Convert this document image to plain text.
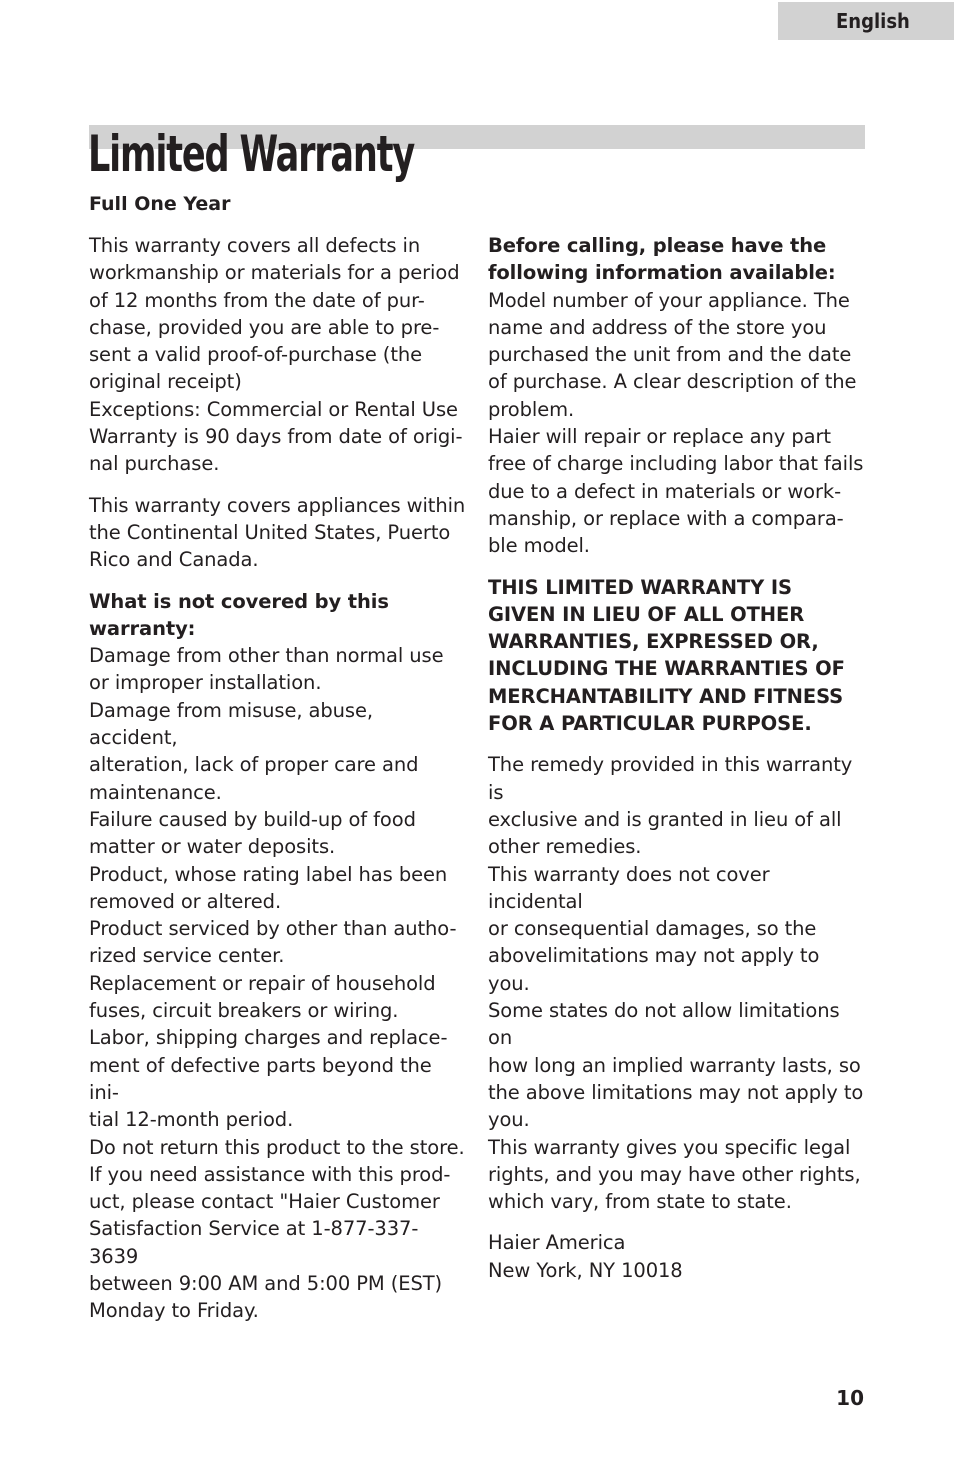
English
Limited Warranty
Full One Year

This warranty covers all defects in
workmanship or materials for a period
of 12 months from the date of pur-
chase, provided you are able to pre-
sent a valid proof-of-purchase (the
original receipt)
Exceptions: Commercial or Rental Use
Warranty is 90 days from date of origi-
nal purchase.

This warranty covers appliances within
the Continental United States, Puerto
Rico and Canada.

What is not covered by this
warranty:
Damage from other than normal use
or improper installation.
Damage from misuse, abuse, accident,
alteration, lack of proper care and
maintenance.
Failure caused by build-up of food
matter or water deposits.
Product, whose rating label has been
removed or altered.
Product serviced by other than autho-
rized service center.
Replacement or repair of household
fuses, circuit breakers or wiring.
Labor, shipping charges and replace-
ment of defective parts beyond the ini-
tial 12-month period.
Do not return this product to the store.
If you need assistance with this prod-
uct, please contact "Haier Customer
Satisfaction Service at 1-877-337-3639
between 9:00 AM and 5:00 PM (EST)
Monday to Friday.

Before calling, please have the
following information available:
Model number of your appliance. The
name and address of the store you
purchased the unit from and the date
of purchase. A clear description of the
problem.
Haier will repair or replace any part
free of charge including labor that fails
due to a defect in materials or work-
manship, or replace with a compara-
ble model.

THIS LIMITED WARRANTY IS
GIVEN IN LIEU OF ALL OTHER
WARRANTIES, EXPRESSED OR,
INCLUDING THE WARRANTIES OF
MERCHANTABILITY AND FITNESS
FOR A PARTICULAR PURPOSE.

The remedy provided in this warranty is
exclusive and is granted in lieu of all
other remedies.
This warranty does not cover incidental
or consequential damages, so the
abovelimitations may not apply to you.
Some states do not allow limitations on
how long an implied warranty lasts, so
the above limitations may not apply to
you.
This warranty gives you specific legal
rights, and you may have other rights,
which vary, from state to state.

Haier America
New York, NY 10018

10
